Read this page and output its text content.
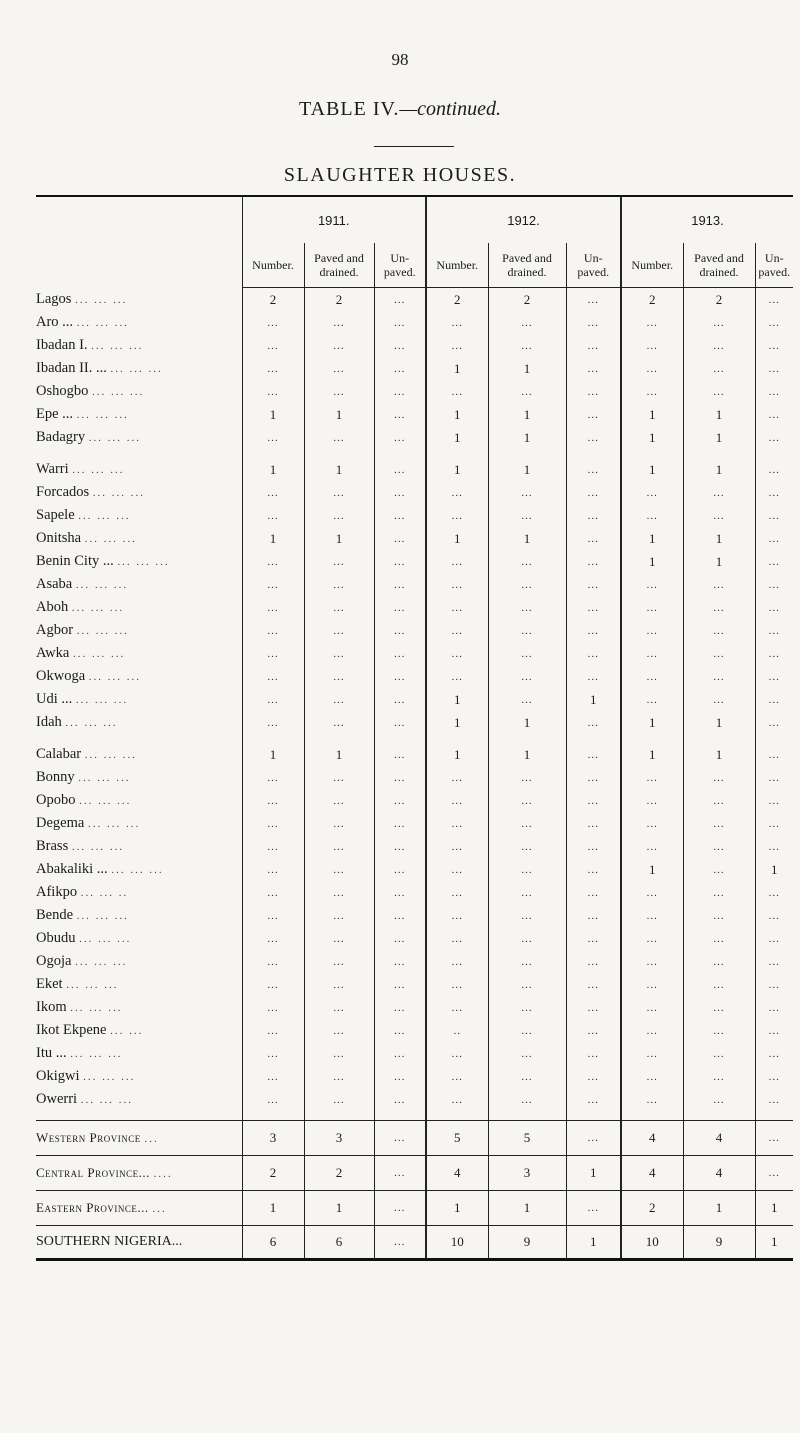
98
TABLE IV.—continued.
SLAUGHTER HOUSES.

	1911.			1912.			1913.		
	Number.	Paved and
drained.	Un-
paved.	Number.	Paved and
drained.	Un-
paved.	Number.	Paved and
drained.	Un-
paved.
Lagos ... ... ...	2	2	...	2	2	...	2	2	...
Aro ... ... ... ...	...	...	...	...	...	...	...	...	...
Ibadan I. ... ... ...	...	...	...	...	...	...	...	...	...
Ibadan II. ... ... ... ...	...	...	...	1	1	...	...	...	...
Oshogbo ... ... ...	...	...	...	...	...	...	...	...	...
Epe ... ... ... ...	1	1	...	1	1	...	1	1	...
Badagry ... ... ...	...	...	...	1	1	...	1	1	...

Warri ... ... ...	1	1	...	1	1	...	1	1	...
Forcados ... ... ...	...	...	...	...	...	...	...	...	...
Sapele ... ... ...	...	...	...	...	...	...	...	...	...
Onitsha ... ... ...	1	1	...	1	1	...	1	1	...
Benin City ... ... ... ...	...	...	...	...	...	...	1	1	...
Asaba ... ... ...	...	...	...	...	...	...	...	...	...
Aboh ... ... ...	...	...	...	...	...	...	...	...	...
Agbor ... ... ...	...	...	...	...	...	...	...	...	...
Awka ... ... ...	...	...	...	...	...	...	...	...	...
Okwoga ... ... ...	...	...	...	...	...	...	...	...	...
Udi ... ... ... ...	...	...	...	1	...	1	...	...	...
Idah ... ... ...	...	...	...	1	1	...	1	1	...

Calabar ... ... ...	1	1	...	1	1	...	1	1	...
Bonny ... ... ...	...	...	...	...	...	...	...	...	...
Opobo ... ... ...	...	...	...	...	...	...	...	...	...
Degema ... ... ...	...	...	...	...	...	...	...	...	...
Brass ... ... ...	...	...	...	...	...	...	...	...	...
Abakaliki ... ... ... ...	...	...	...	...	...	...	1	...	1
Afikpo ... ... ..	...	...	...	...	...	...	...	...	...
Bende ... ... ...	...	...	...	...	...	...	...	...	...
Obudu ... ... ...	...	...	...	...	...	...	...	...	...
Ogoja ... ... ...	...	...	...	...	...	...	...	...	...
Eket ... ... ...	...	...	...	...	...	...	...	...	...
Ikom ... ... ...	...	...	...	...	...	...	...	...	...
Ikot Ekpene ... ...	...	...	...	..	...	...	...	...	...
Itu ... ... ... ...	...	...	...	...	...	...	...	...	...
Okigwi ... ... ...	...	...	...	...	...	...	...	...	...
Owerri ... ... ...	...	...	...	...	...	...	...	...	...

Western Province ...	3	3	...	5	5	...	4	4	...
Central Province... ....	2	2	...	4	3	1	4	4	...
Eastern Province... ...	1	1	...	1	1	...	2	1	1
SOUTHERN NIGERIA...	6	6	...	10	9	1	10	9	1
